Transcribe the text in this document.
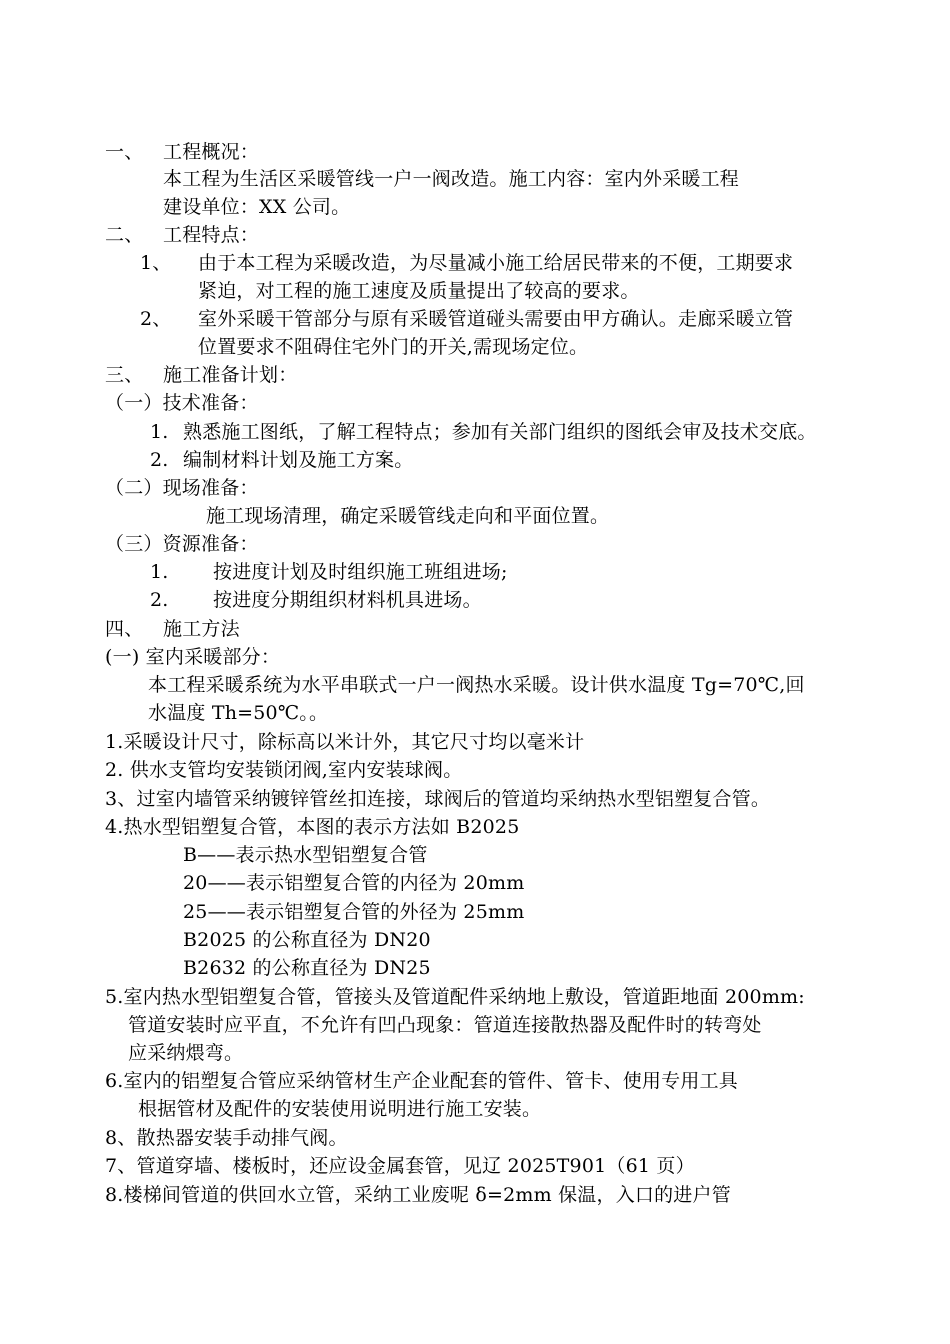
一、 工程概况：
本工程为生活区采暖管线一户一阀改造。施工内容：室内外采暖工程
建设单位：XX 公司。
二、 工程特点：
1、 由于本工程为采暖改造，为尽量减小施工给居民带来的不便，工期要求
紧迫，对工程的施工速度及质量提出了较高的要求。
2、 室外采暖干管部分与原有采暖管道碰头需要由甲方确认。走廊采暖立管
位置要求不阻碍住宅外门的开关,需现场定位。
三、 施工准备计划：
（一）技术准备：
1. 熟悉施工图纸，了解工程特点；参加有关部门组织的图纸会审及技术交底。
2. 编制材料计划及施工方案。
（二）现场准备：
施工现场清理，确定采暖管线走向和平面位置。
（三）资源准备：
1. 按进度计划及时组织施工班组进场;
2. 按进度分期组织材料机具进场。
四、 施工方法
(一) 室内采暖部分：
本工程采暖系统为水平串联式一户一阀热水采暖。设计供水温度 Tg=70℃,回
水温度 Th=50℃。。
1.采暖设计尺寸，除标高以米计外，其它尺寸均以毫米计
2. 供水支管均安装锁闭阀,室内安装球阀。
3、过室内墙管采纳镀锌管丝扣连接，球阀后的管道均采纳热水型铝塑复合管。
4.热水型铝塑复合管，本图的表示方法如 B2025
B——表示热水型铝塑复合管
20——表示铝塑复合管的内径为 20mm
25——表示铝塑复合管的外径为 25mm
B2025 的公称直径为 DN20
B2632 的公称直径为 DN25
5.室内热水型铝塑复合管，管接头及管道配件采纳地上敷设，管道距地面 200mm:
管道安装时应平直，不允许有凹凸现象：管道连接散热器及配件时的转弯处
应采纳煨弯。
6.室内的铝塑复合管应采纳管材生产企业配套的管件、管卡、使用专用工具
根据管材及配件的安装使用说明进行施工安装。
8、散热器安装手动排气阀。
7、管道穿墙、楼板时，还应设金属套管，见辽 2025T901（61 页）
8.楼梯间管道的供回水立管，采纳工业废呢 δ=2mm 保温，入口的进户管
